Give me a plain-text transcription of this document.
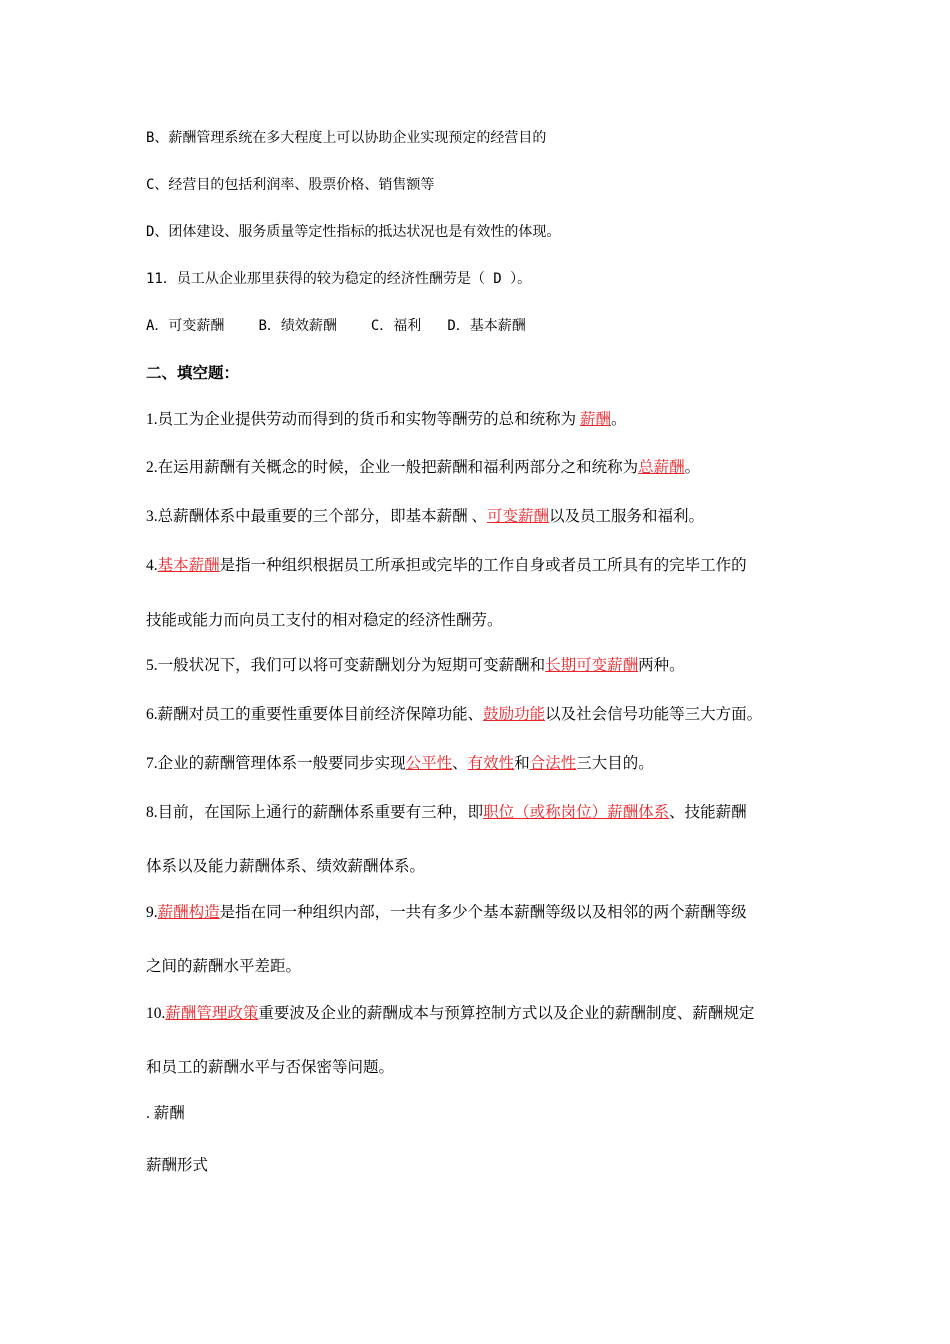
B、薪酬管理系统在多大程度上可以协助企业实现预定的经营目的
C、经营目的包括利润率、股票价格、销售额等
D、团体建设、服务质量等定性指标的抵达状况也是有效性的体现。
11．员工从企业那里获得的较为稳定的经济性酬劳是（ D ）。
A．可变薪酬 B．绩效薪酬 C．福利 D．基本薪酬
二、填空题：
1.员工为企业提供劳动而得到的货币和实物等酬劳的总和统称为 薪酬。
2.在运用薪酬有关概念的时候，企业一般把薪酬和福利两部分之和统称为总薪酬。
3.总薪酬体系中最重要的三个部分，即基本薪酬 、可变薪酬以及员工服务和福利。
4.基本薪酬是指一种组织根据员工所承担或完毕的工作自身或者员工所具有的完毕工作的
技能或能力而向员工支付的相对稳定的经济性酬劳。
5.一般状况下，我们可以将可变薪酬划分为短期可变薪酬和长期可变薪酬两种。
6.薪酬对员工的重要性重要体目前经济保障功能、鼓励功能以及社会信号功能等三大方面。
7.企业的薪酬管理体系一般要同步实现公平性、有效性和合法性三大目的。
8.目前，在国际上通行的薪酬体系重要有三种，即职位（或称岗位）薪酬体系、技能薪酬
体系以及能力薪酬体系、绩效薪酬体系。
9.薪酬构造是指在同一种组织内部，一共有多少个基本薪酬等级以及相邻的两个薪酬等级
之间的薪酬水平差距。
10.薪酬管理政策重要波及企业的薪酬成本与预算控制方式以及企业的薪酬制度、薪酬规定
和员工的薪酬水平与否保密等问题。
. 薪酬
薪酬形式
